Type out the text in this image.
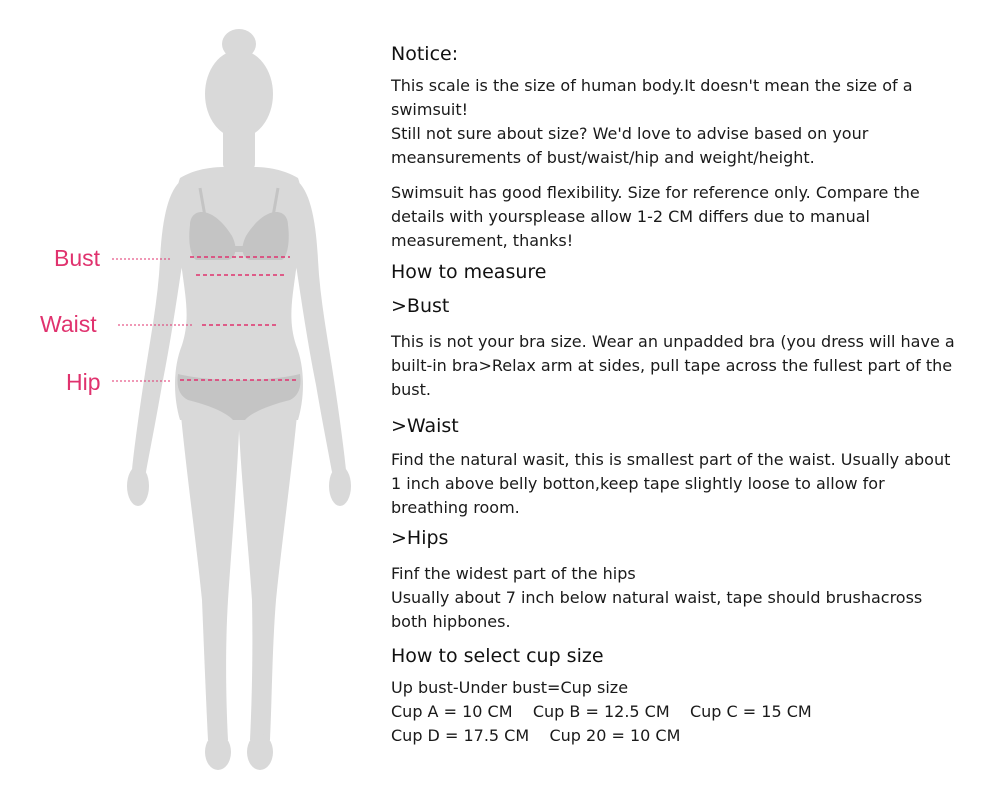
Bust
Waist
Hip

Notice:

This scale is the size of human body.It doesn't mean the size of a swimsuit!

Still not sure about size? We'd love to advise based on your meansurements of bust/waist/hip and weight/height.

Swimsuit has good flexibility. Size for reference only. Compare the details with yoursplease allow 1-2 CM differs due to manual measurement, thanks!

How to measure

>Bust

This is not your bra size. Wear an unpadded bra (you dress will have a built-in bra>Relax arm at sides, pull tape across the fullest part of the bust.

>Waist

Find the natural wasit, this is smallest part of the waist. Usually about 1 inch above belly botton,keep tape slightly loose to allow for breathing room.

>Hips

Finf the widest part of the hips

Usually about 7 inch below natural waist, tape should brushacross both hipbones.

How to select cup size

Up bust-Under bust=Cup size

Cup A = 10 CM    Cup B = 12.5 CM    Cup C = 15 CM

Cup D = 17.5 CM    Cup 20 = 10 CM
